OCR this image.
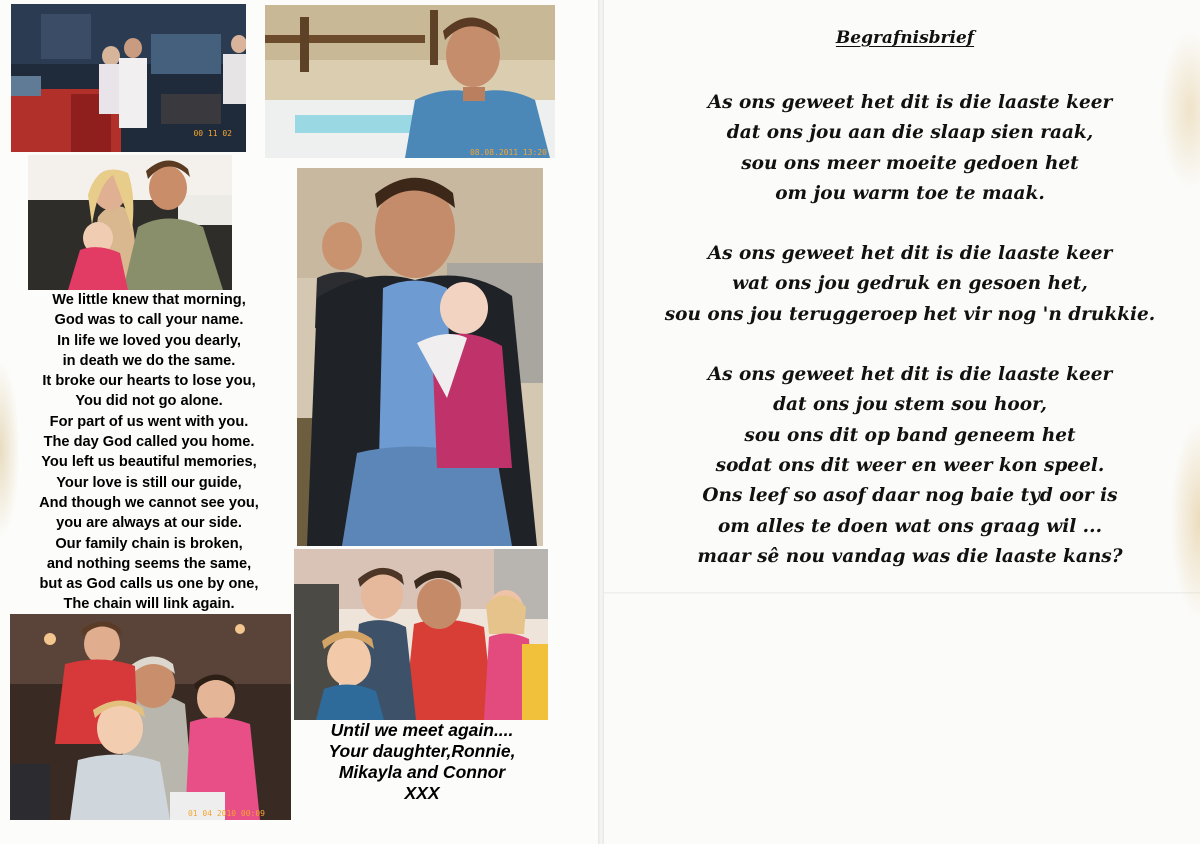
00 11 02
08.08.2011 13:20
01 04 2010 00:09
We little knew that morning,
God was to call your name.
In life we loved you dearly,
in death we do the same.
It broke our hearts to lose you,
You did not go alone.
For part of us went with you.
The day God called you home.
You left us beautiful memories,
Your love is still our guide,
And though we cannot see you,
you are always at our side.
Our family chain is broken,
and nothing seems the same,
but as God calls us one by one,
The chain will link again.
Until we meet again....
Your daughter,Ronnie,
Mikayla and Connor
XXX
Begrafnisbrief
As ons geweet het dit is die laaste keer
dat ons jou aan die slaap sien raak,
sou ons meer moeite gedoen het
om jou warm toe te maak.
As ons geweet het dit is die laaste keer
wat ons jou gedruk en gesoen het,
sou ons jou teruggeroep het vir nog 'n drukkie.
As ons geweet het dit is die laaste keer
dat ons jou stem sou hoor,
sou ons dit op band geneem het
sodat ons dit weer en weer kon speel.
Ons leef so asof daar nog baie tyd oor is
om alles te doen wat ons graag wil ...
maar sê nou vandag was die laaste kans?
